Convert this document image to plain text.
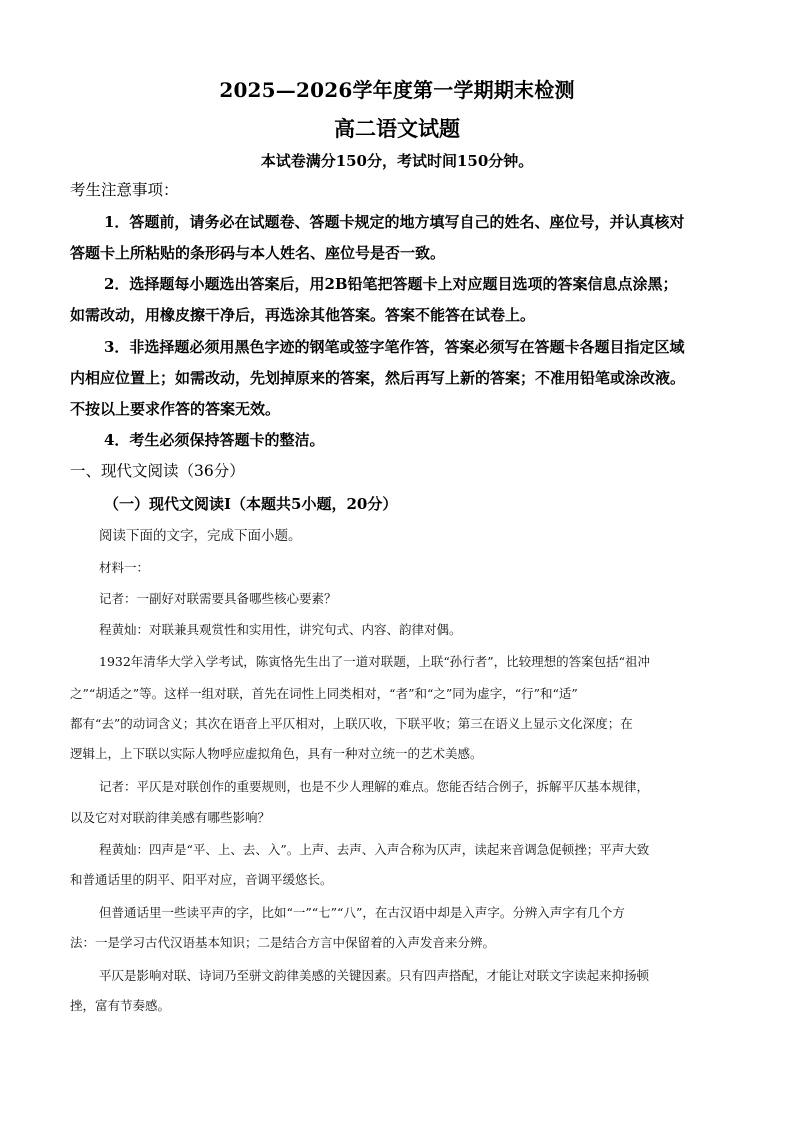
2025—2026学年度第一学期期末检测
高二语文试题
本试卷满分150分，考试时间150分钟。
考生注意事项：
1．答题前，请务必在试题卷、答题卡规定的地方填写自己的姓名、座位号，并认真核对
答题卡上所粘贴的条形码与本人姓名、座位号是否一致。
2．选择题每小题选出答案后，用2B铅笔把答题卡上对应题目选项的答案信息点涂黑；
如需改动，用橡皮擦干净后，再选涂其他答案。答案不能答在试卷上。
3．非选择题必须用黑色字迹的钢笔或签字笔作答，答案必须写在答题卡各题目指定区域
内相应位置上；如需改动，先划掉原来的答案，然后再写上新的答案；不准用铅笔或涂改液。
不按以上要求作答的答案无效。
4．考生必须保持答题卡的整洁。
一、现代文阅读（36分）
（一）现代文阅读I（本题共5小题，20分）
阅读下面的文字，完成下面小题。
材料一：
记者：一副好对联需要具备哪些核心要素？
程黄灿：对联兼具观赏性和实用性，讲究句式、内容、韵律对偶。
1932年清华大学入学考试，陈寅恪先生出了一道对联题，上联“孙行者”，比较理想的答案包括“祖冲
之”“胡适之”等。这样一组对联，首先在词性上同类相对，“者”和“之”同为虚字，“行”和“适”
都有“去”的动词含义；其次在语音上平仄相对，上联仄收，下联平收；第三在语义上显示文化深度；在
逻辑上，上下联以实际人物呼应虚拟角色，具有一种对立统一的艺术美感。
记者：平仄是对联创作的重要规则，也是不少人理解的难点。您能否结合例子，拆解平仄基本规律，
以及它对对联韵律美感有哪些影响？
程黄灿：四声是“平、上、去、入”。上声、去声、入声合称为仄声，读起来音调急促顿挫；平声大致
和普通话里的阴平、阳平对应，音调平缓悠长。
但普通话里一些读平声的字，比如“一”“七”“八”，在古汉语中却是入声字。分辨入声字有几个方
法：一是学习古代汉语基本知识；二是结合方言中保留着的入声发音来分辨。
平仄是影响对联、诗词乃至骈文韵律美感的关键因素。只有四声搭配，才能让对联文字读起来抑扬顿
挫，富有节奏感。
